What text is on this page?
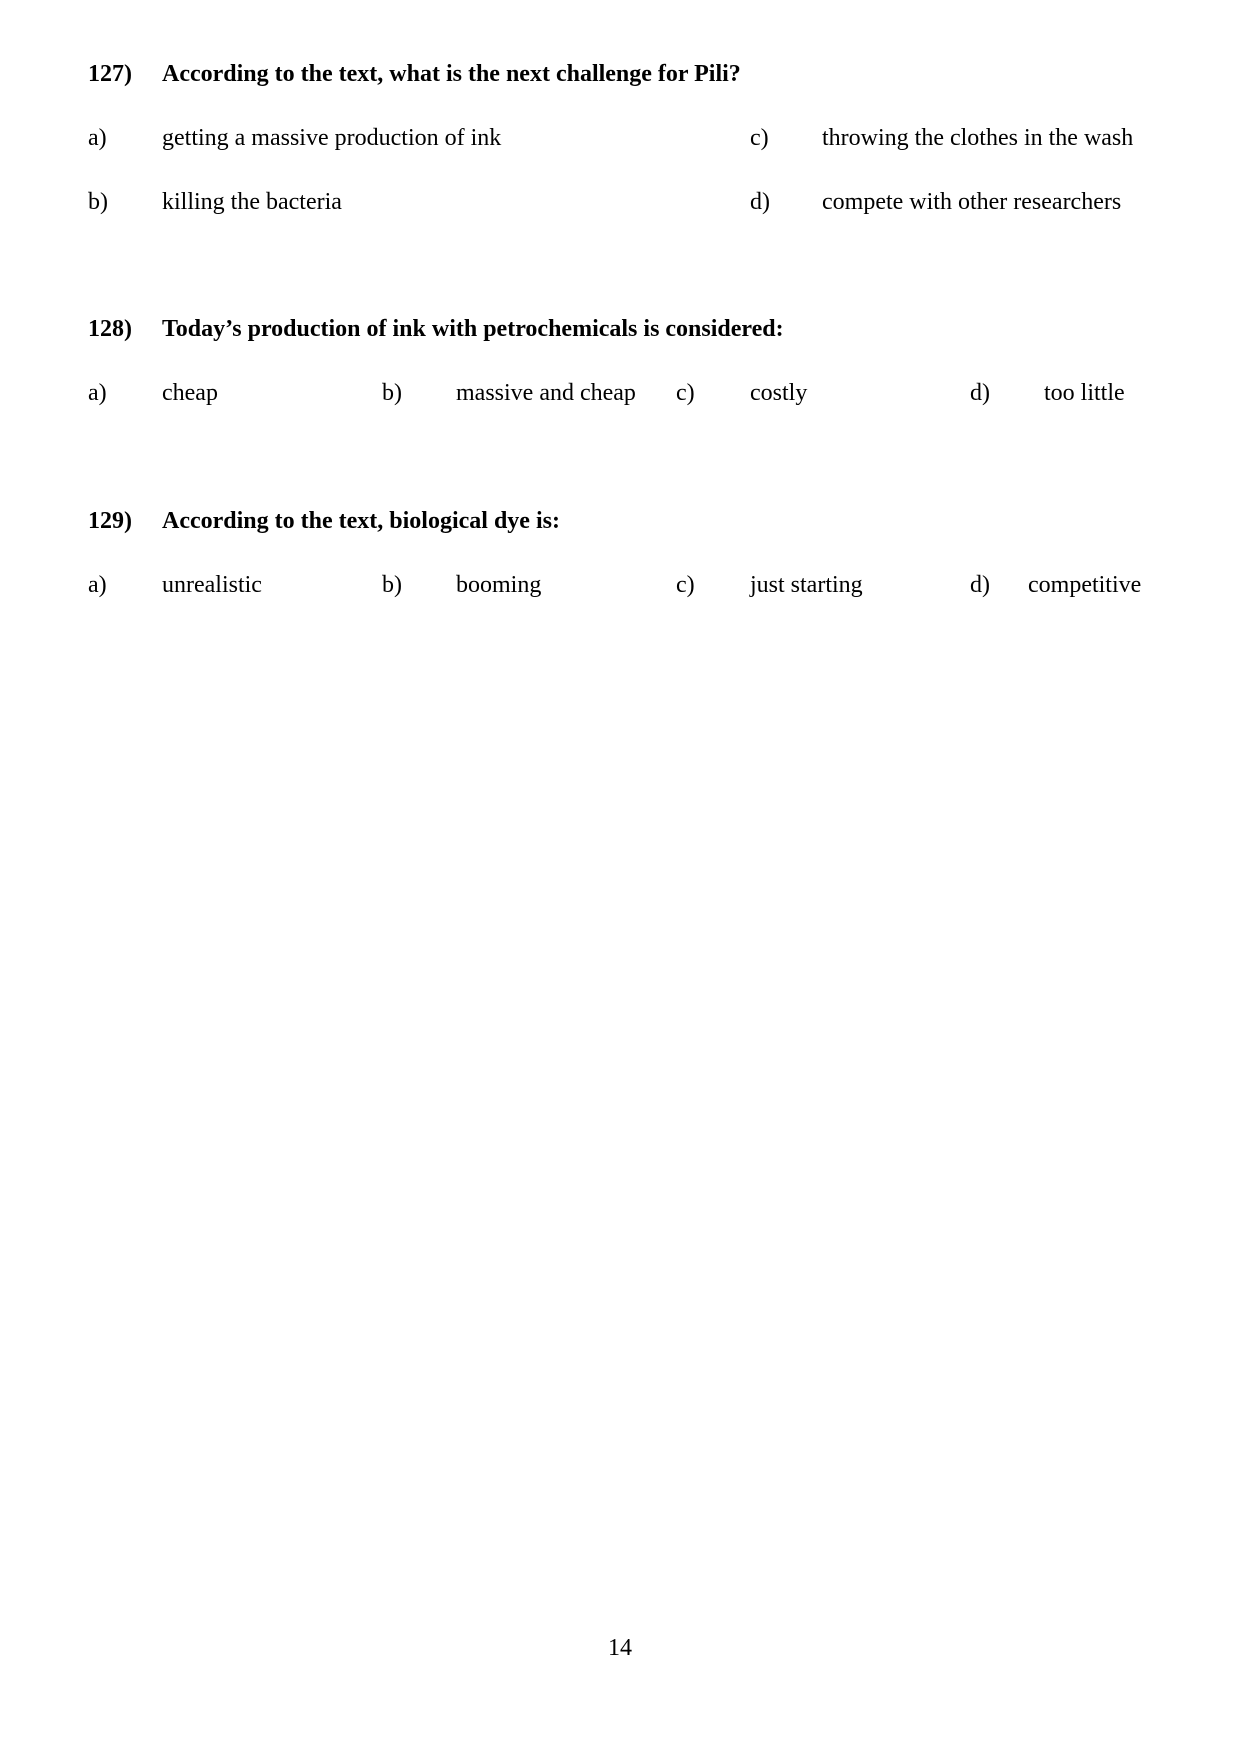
127) According to the text, what is the next challenge for Pili?
a) getting a massive production of ink	c) throwing the clothes in the wash
b) killing the bacteria	d) compete with other researchers
128) Today’s production of ink with petrochemicals is considered:
a) cheap	b) massive and cheap c) costly	d) too little
129) According to the text, biological dye is:
a) unrealistic	b) booming	c) just starting	d) competitive
14
